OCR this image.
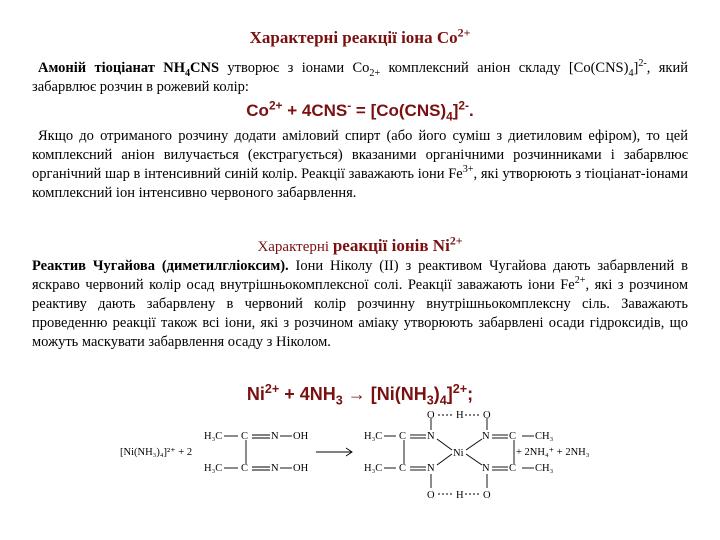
Характерні реакції іона $Co^{2+}$
Амоній тіоціанат $NH_4CNS$ утворює з іонами $Co_{2+}$ комплексний аніон складу $[Co(CNS)_4]^{2-}$, який забарвлює розчин в рожевий колір:
$Co^{2+} + 4CNS^- = [Co(CNS)_4]^{2-}$.
Якщо до отриманого розчину додати аміловий спирт (або його суміш з диетиловим ефіром), то цей комплексний аніон вилучається (екстрагується) вказаними органічними розчинниками і забарвлює органічний шар в інтенсивний синій колір. Реакції заважають іони $Fe^{3+}$, які утворюють з тіоціанат-іонами комплексний іон інтенсивно червоного забарвлення.
Характерні реакції іонів $Ni^{2+}$
Реактив Чугайова (диметилгліоксим). Іони Ніколу (ІІ) з реактивом Чугайова дають забарвлений в яскраво червоний колір осад внутрішньокомплексної солі. Реакції заважають іони $Fe^{2+}$, які з розчином реактиву дають забарвлену в червоний колір розчинну внутрішньокомплексну сіль. Заважають проведенню реакції також всі іони, які з розчином аміаку утворюють забарвлені осади гідроксидів, що можуть маскувати забарвлення осаду з Ніколом.
$Ni^{2+} + 4NH_3 \to [Ni(NH_3)_4]^{2+}$;
[Ni(NH₃)₄]²⁺ + 2
H₃C C N OH
H₃C C N OH
H₃C C N
H₃C C N
O
O
H
H
Ni
N C CH₃
N C CH₃
O
O
+ 2NH₄⁺ + 2NH₃
